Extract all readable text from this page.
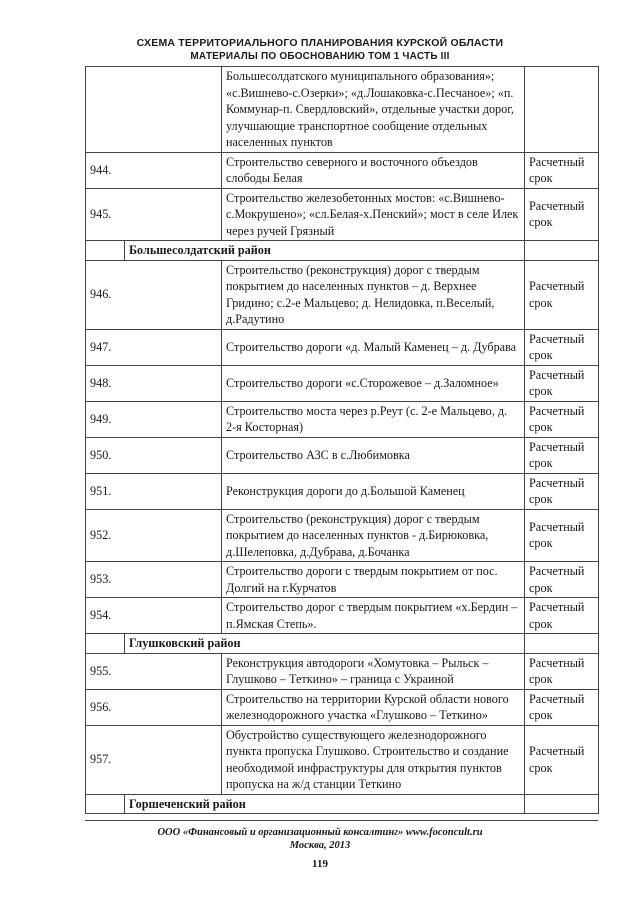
СХЕМА ТЕРРИТОРИАЛЬНОГО ПЛАНИРОВАНИЯ КУРСКОЙ ОБЛАСТИ
МАТЕРИАЛЫ ПО ОБОСНОВАНИЮ ТОМ 1 ЧАСТЬ III
		Большесолдатского муниципального образования»; «с.Вишнево-с.Озерки»; «д.Лошаковка-с.Песчаное»; «п. Коммунар-п. Свердловский», отдельные участки дорог, улучшающие транспортное сообщение отдельных населенных пунктов	
944.		Строительство северного и восточного объездов слободы Белая	Расчетный срок
945.		Строительство железобетонных мостов: «с.Вишнево-с.Мокрушено»; «сл.Белая-х.Пенский»; мост в селе Илек через ручей Грязный	Расчетный срок
	Большесолдатский район		
946.		Строительство (реконструкция) дорог с твердым покрытием до населенных пунктов – д. Верхнее Гридино; с.2-е Мальцево; д. Нелидовка, п.Веселый, д.Радутино	Расчетный срок
947.		Строительство дороги «д. Малый Каменец – д. Дубрава	Расчетный срок
948.		Строительство дороги «с.Сторожевое – д.Заломное»	Расчетный срок
949.		Строительство моста через р.Реут (с. 2-е Мальцево, д. 2-я Косторная)	Расчетный срок
950.		Строительство АЗС в с.Любимовка	Расчетный срок
951.		Реконструкция дороги до д.Большой Каменец	Расчетный срок
952.		Строительство (реконструкция) дорог с твердым покрытием до населенных пунктов - д.Бирюковка, д.Шелеповка, д.Дубрава, д.Бочанка	Расчетный срок
953.		Строительство дороги с твердым покрытием от пос. Долгий на г.Курчатов	Расчетный срок
954.		Строительство дорог с твердым покрытием «х.Бердин – п.Ямская Степь».	Расчетный срок
	Глушковский район		
955.		Реконструкция автодороги «Хомутовка – Рыльск – Глушково – Теткино» – граница с Украиной	Расчетный срок
956.		Строительство на территории Курской области нового железнодорожного участка «Глушково – Теткино»	Расчетный срок
957.		Обустройство существующего железнодорожного пункта пропуска Глушково. Строительство и создание необходимой инфраструктуры для открытия пунктов пропуска на ж/д станции Теткино	Расчетный срок
	Горшеченский район		
ООО «Финансовый и организационный консалтинг» www.foconcult.ru
Москва, 2013
119
